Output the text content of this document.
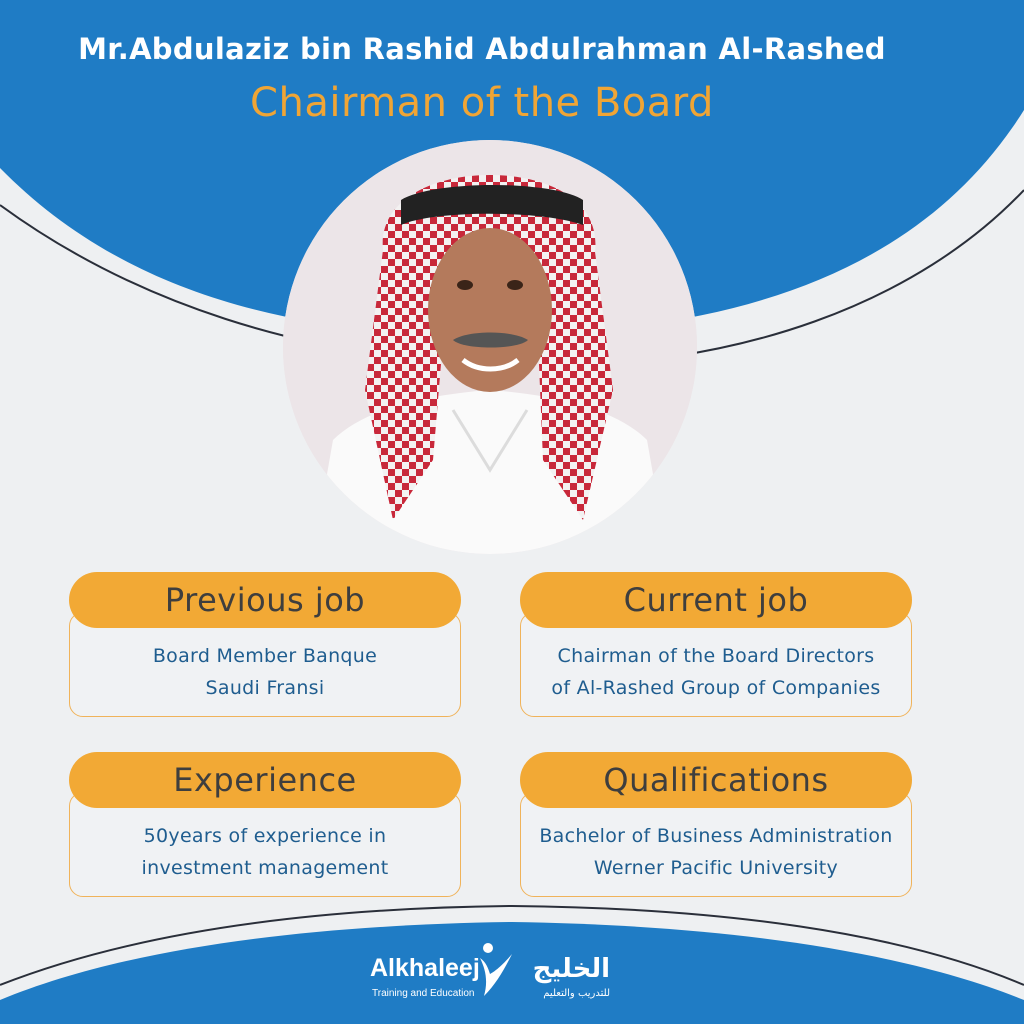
Mr.Abdulaziz bin Rashid Abdulrahman Al-Rashed
Chairman of the Board
Previous job
Board Member Banque
Saudi Fransi
Current job
Chairman of the Board Directors
of Al-Rashed Group of Companies
Experience
50years of experience in
investment management
Qualifications
Bachelor of Business Administration
Werner Pacific University
Alkhaleej
Training and Education
الخليج
للتدريب والتعليم
